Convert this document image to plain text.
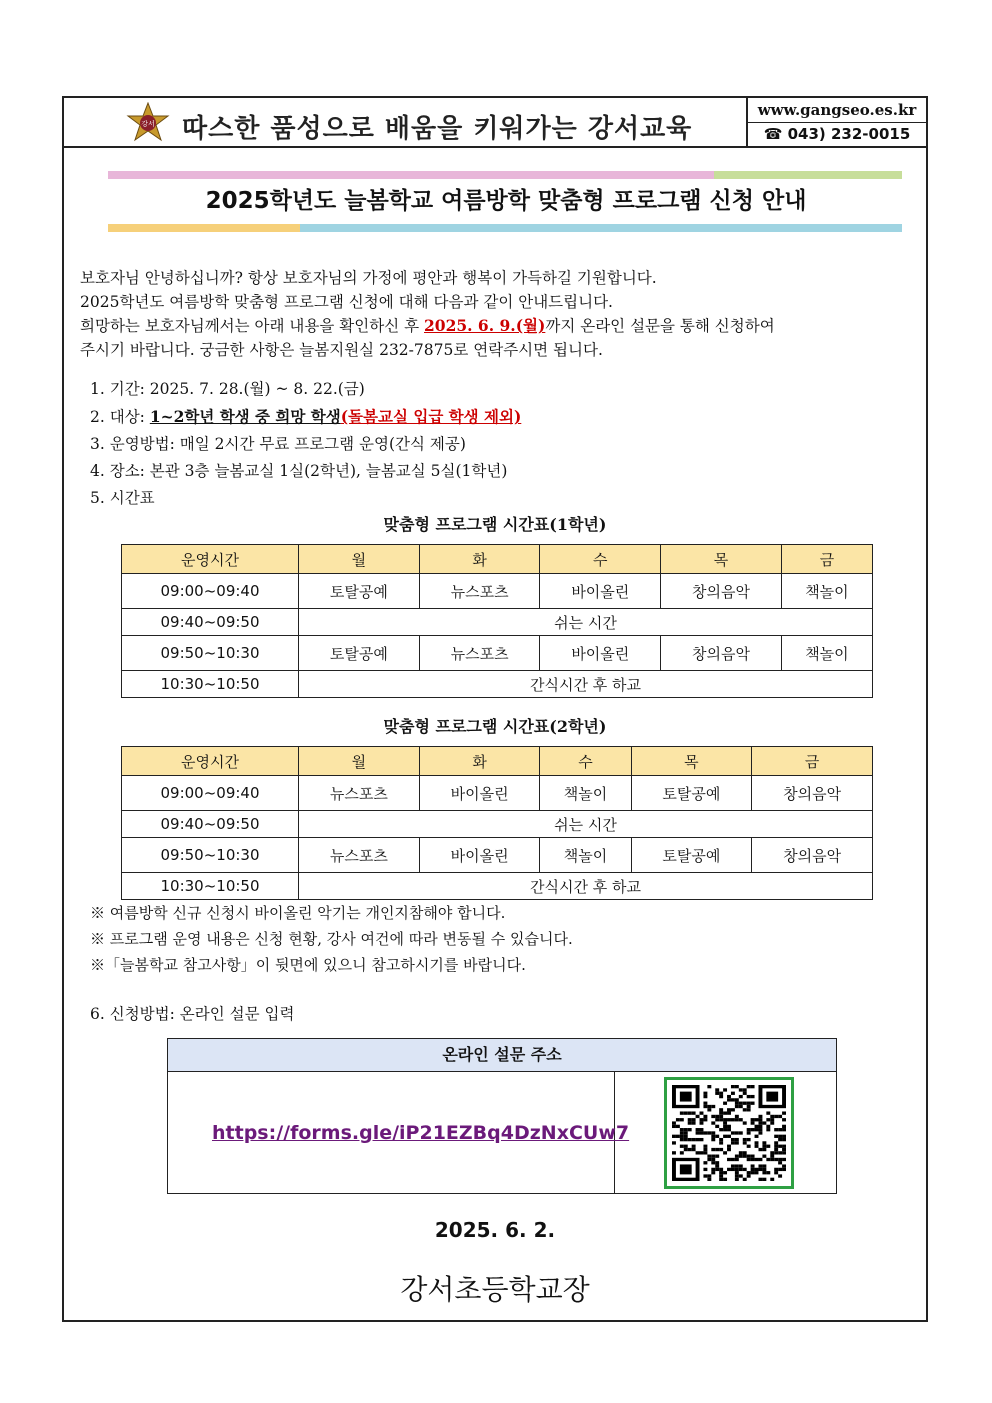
강서 따스한 품성으로 배움을 키워가는 강서교육
www.gangseo.es.kr
☎ 043) 232-0015
2025학년도 늘봄학교 여름방학 맞춤형 프로그램 신청 안내

보호자님 안녕하십니까? 항상 보호자님의 가정에 평안과 행복이 가득하길 기원합니다.

2025학년도 여름방학 맞춤형 프로그램 신청에 대해 다음과 같이 안내드립니다.

희망하는 보호자님께서는 아래 내용을 확인하신 후 2025. 6. 9.(월)까지 온라인 설문을 통해 신청하여

주시기 바랍니다. 궁금한 사항은 늘봄지원실 232-7875로 연락주시면 됩니다.

1. 기간: 2025. 7. 28.(월) ~ 8. 22.(금)
2. 대상: 1~2학년 학생 중 희망 학생(돌봄교실 입급 학생 제외)
3. 운영방법: 매일 2시간 무료 프로그램 운영(간식 제공)
4. 장소: 본관 3층 늘봄교실 1실(2학년), 늘봄교실 5실(1학년)
5. 시간표
맞춤형 프로그램 시간표(1학년)
운영시간	월	화	수	목	금
09:00~09:40	토탈공예	뉴스포츠	바이올린	창의음악	책놀이
09:40~09:50	쉬는 시간				
09:50~10:30	토탈공예	뉴스포츠	바이올린	창의음악	책놀이
10:30~10:50	간식시간 후 하교				
맞춤형 프로그램 시간표(2학년)
운영시간	월	화	수	목	금
09:00~09:40	뉴스포츠	바이올린	책놀이	토탈공예	창의음악
09:40~09:50	쉬는 시간				
09:50~10:30	뉴스포츠	바이올린	책놀이	토탈공예	창의음악
10:30~10:50	간식시간 후 하교				
※ 여름방학 신규 신청시 바이올린 악기는 개인지참해야 합니다.
※ 프로그램 운영 내용은 신청 현황, 강사 여건에 따라 변동될 수 있습니다.
※「늘봄학교 참고사항」이 뒷면에 있으니 참고하시기를 바랍니다.
6. 신청방법: 온라인 설문 입력
온라인 설문 주소
https://forms.gle/iP21EZBq4DzNxCUw7
2025. 6. 2.
강서초등학교장
